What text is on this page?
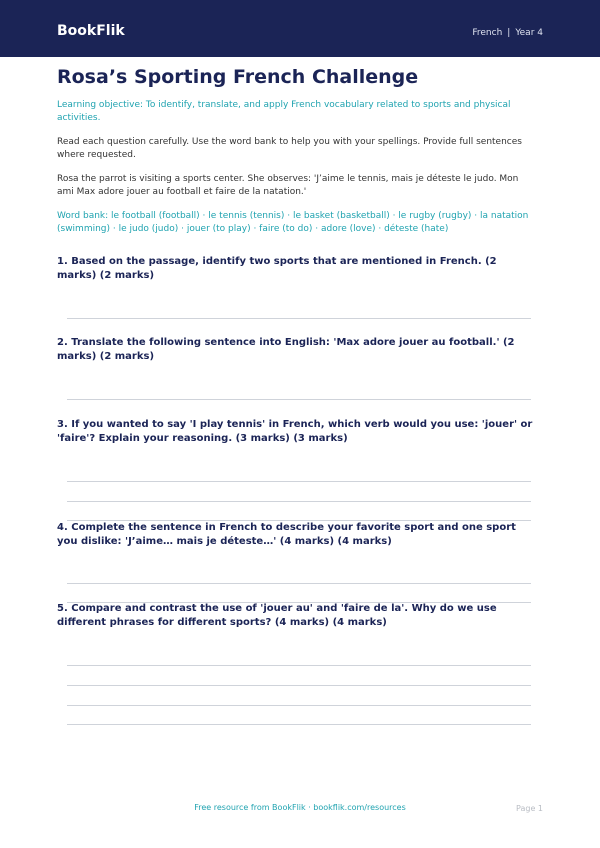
BookFlik	French | Year 4
Rosa’s Sporting French Challenge

Learning objective: To identify, translate, and apply French vocabulary related to sports and physical activities.

Read each question carefully. Use the word bank to help you with your spellings. Provide full sentences where requested.

Rosa the parrot is visiting a sports center. She observes: 'J’aime le tennis, mais je déteste le judo. Mon ami Max adore jouer au football et faire de la natation.'

Word bank: le football (football) · le tennis (tennis) · le basket (basketball) · le rugby (rugby) · la natation (swimming) · le judo (judo) · jouer (to play) · faire (to do) · adore (love) · déteste (hate)

1. Based on the passage, identify two sports that are mentioned in French. (2 marks) (2 marks)
2. Translate the following sentence into English: 'Max adore jouer au football.' (2 marks) (2 marks)
3. If you wanted to say 'I play tennis' in French, which verb would you use: 'jouer' or 'faire'? Explain your reasoning. (3 marks) (3 marks)
4. Complete the sentence in French to describe your favorite sport and one sport you dislike: 'J’aime… mais je déteste…' (4 marks) (4 marks)
5. Compare and contrast the use of 'jouer au' and 'faire de la'. Why do we use different phrases for different sports? (4 marks) (4 marks)
Free resource from BookFlik · bookflik.com/resources	Page 1
